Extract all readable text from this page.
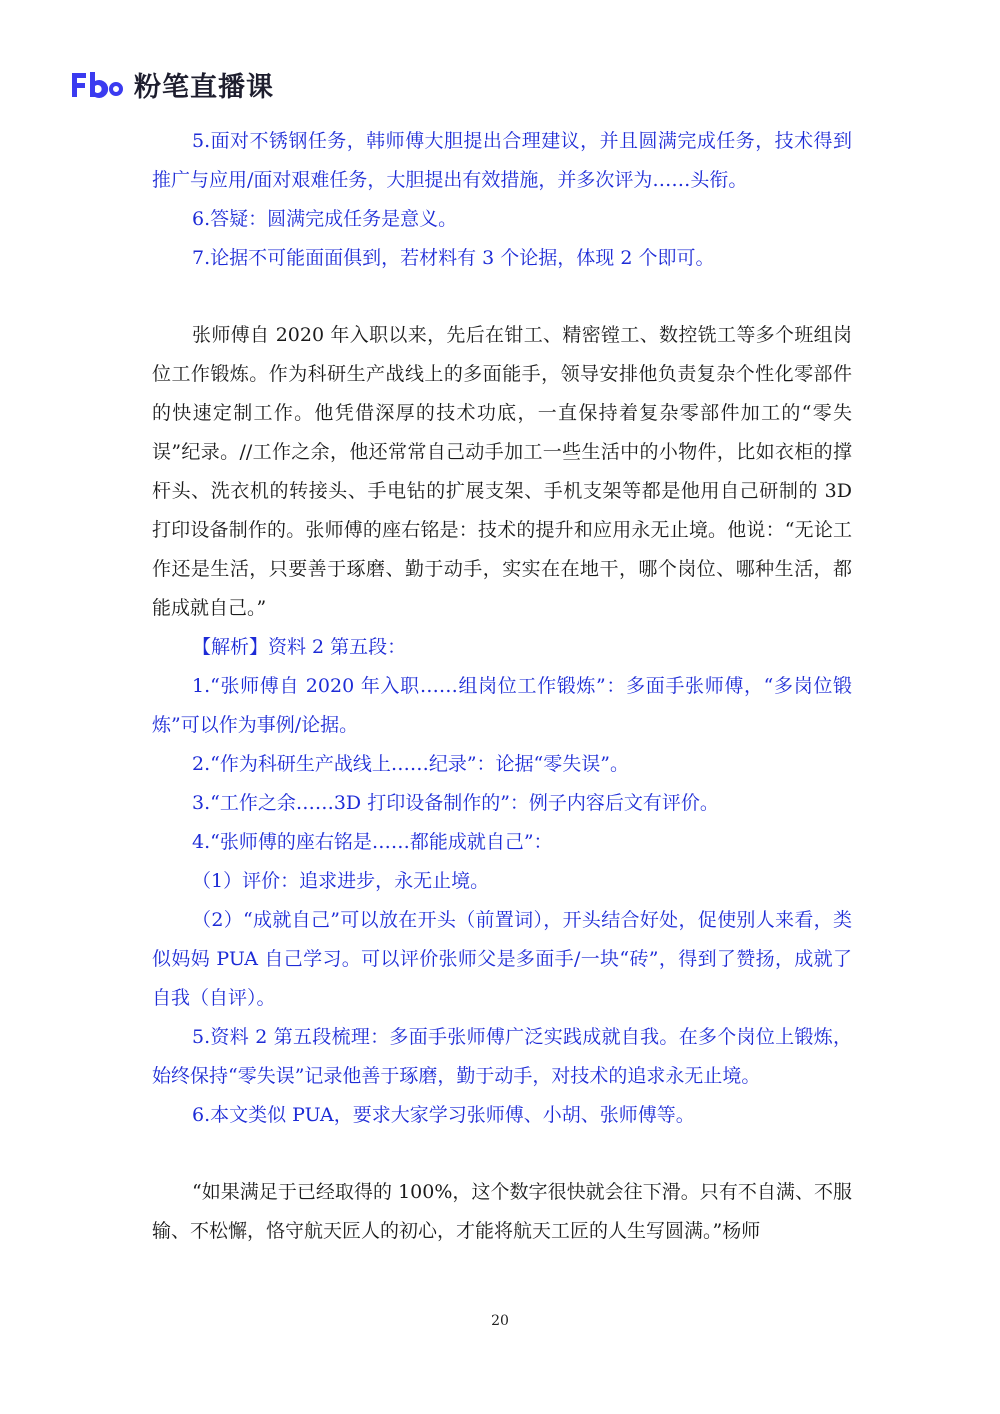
粉笔直播课

5.面对不锈钢任务，韩师傅大胆提出合理建议，并且圆满完成任务，技术得到推广与应用/面对艰难任务，大胆提出有效措施，并多次评为……头衔。

6.答疑：圆满完成任务是意义。

7.论据不可能面面俱到，若材料有 3 个论据，体现 2 个即可。

张师傅自 2020 年入职以来，先后在钳工、精密镗工、数控铣工等多个班组岗位工作锻炼。作为科研生产战线上的多面能手，领导安排他负责复杂个性化零部件的快速定制工作。他凭借深厚的技术功底，一直保持着复杂零部件加工的“零失误”纪录。//工作之余，他还常常自己动手加工一些生活中的小物件，比如衣柜的撑杆头、洗衣机的转接头、手电钻的扩展支架、手机支架等都是他用自己研制的 3D 打印设备制作的。张师傅的座右铭是：技术的提升和应用永无止境。他说：“无论工作还是生活，只要善于琢磨、勤于动手，实实在在地干，哪个岗位、哪种生活，都能成就自己。”

【解析】资料 2 第五段：

1.“张师傅自 2020 年入职……组岗位工作锻炼”：多面手张师傅，“多岗位锻炼”可以作为事例/论据。

2.“作为科研生产战线上……纪录”：论据“零失误”。

3.“工作之余……3D 打印设备制作的”：例子内容后文有评价。

4.“张师傅的座右铭是……都能成就自己”：

（1）评价：追求进步，永无止境。

（2）“成就自己”可以放在开头（前置词），开头结合好处，促使别人来看，类似妈妈 PUA 自己学习。可以评价张师父是多面手/一块“砖”，得到了赞扬，成就了自我（自评）。

5.资料 2 第五段梳理：多面手张师傅广泛实践成就自我。在多个岗位上锻炼，始终保持“零失误”记录他善于琢磨，勤于动手，对技术的追求永无止境。

6.本文类似 PUA，要求大家学习张师傅、小胡、张师傅等。

“如果满足于已经取得的 100%，这个数字很快就会往下滑。只有不自满、不服输、不松懈，恪守航天匠人的初心，才能将航天工匠的人生写圆满。”杨师

20
